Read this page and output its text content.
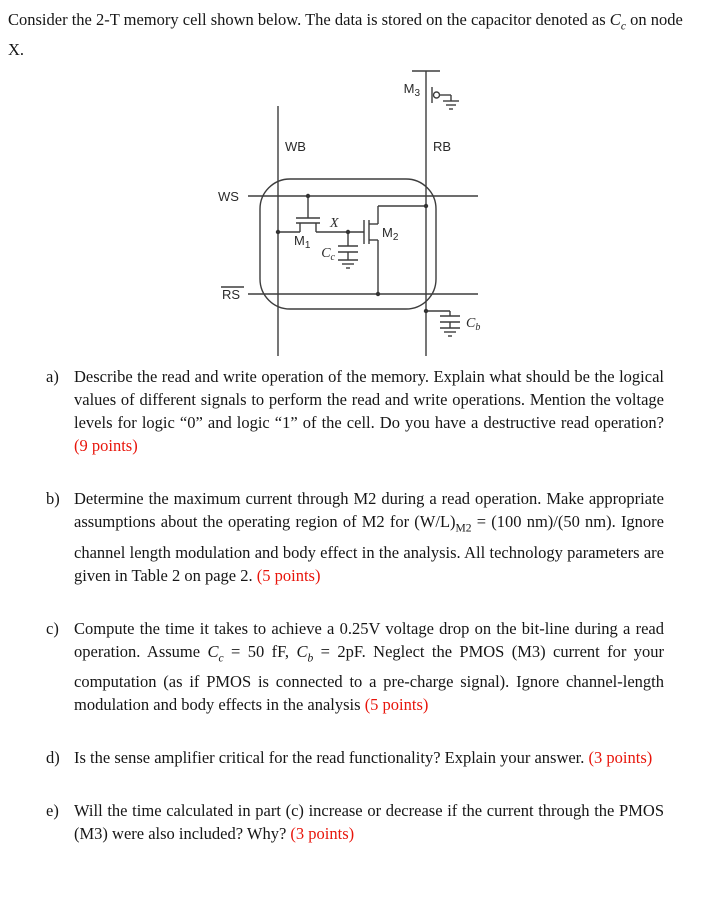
Consider the 2-T memory cell shown below. The data is stored on the capacitor denoted as $C_c$ on node X.

$M_3$
WB	RB
WS
RS
$M_1$
X
$C_c$
$M_2$
$C_b$
a) Describe the read and write operation of the memory. Explain what should be the logical values of different signals to perform the read and write operations. Mention the voltage levels for logic “0” and logic “1” of the cell. Do you have a destructive read operation? (9 points)
b) Determine the maximum current through M2 during a read operation. Make appropriate assumptions about the operating region of M2 for $(W/L)_{M2} = (100$ nm)/(50 nm). Ignore channel length modulation and body effect in the analysis. All technology parameters are given in Table 2 on page 2. (5 points)
c) Compute the time it takes to achieve a 0.25V voltage drop on the bit-line during a read operation. Assume $C_c = 50$ fF, $C_b = 2pF$. Neglect the PMOS (M3) current for your computation (as if PMOS is connected to a pre-charge signal). Ignore channel-length modulation and body effects in the analysis (5 points)
d) Is the sense amplifier critical for the read functionality? Explain your answer. (3 points)
e) Will the time calculated in part (c) increase or decrease if the current through the PMOS (M3) were also included? Why? (3 points)
